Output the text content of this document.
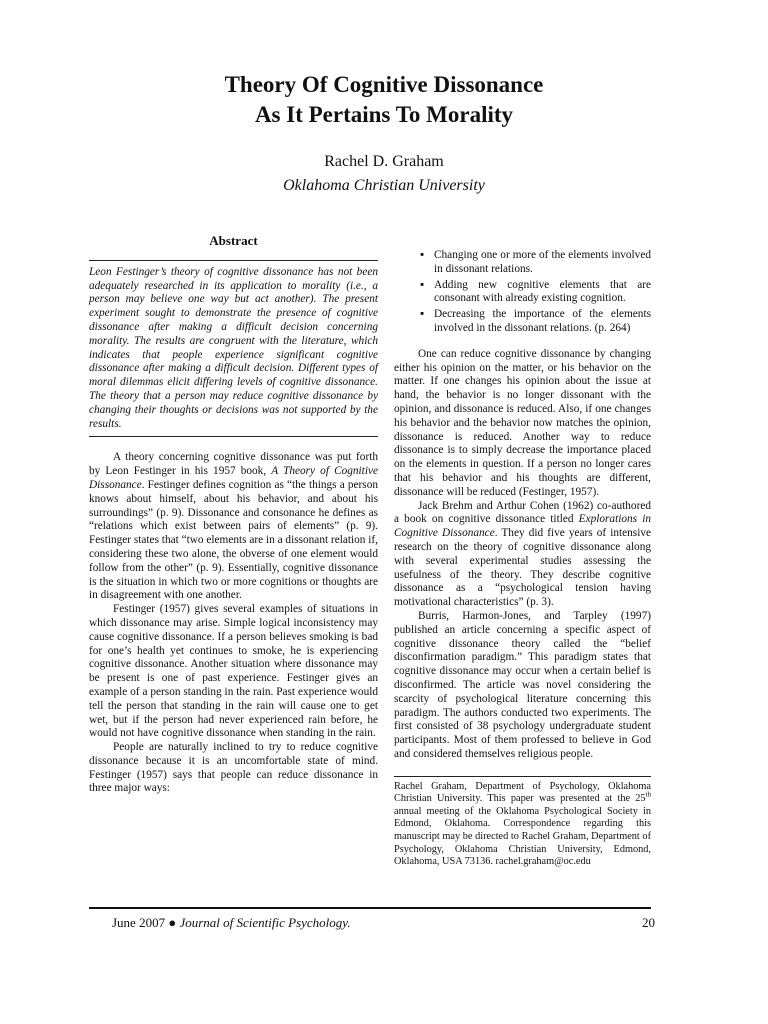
Theory Of Cognitive Dissonance
As It Pertains To Morality
Rachel D. Graham
Oklahoma Christian University
Abstract
Leon Festinger’s theory of cognitive dissonance has not been adequately researched in its application to morality (i.e., a person may believe one way but act another). The present experiment sought to demonstrate the presence of cognitive dissonance after making a difficult decision concerning morality. The results are congruent with the literature, which indicates that people experience significant cognitive dissonance after making a difficult decision. Different types of moral dilemmas elicit differing levels of cognitive dissonance. The theory that a person may reduce cognitive dissonance by changing their thoughts or decisions was not supported by the results.

A theory concerning cognitive dissonance was put forth by Leon Festinger in his 1957 book, A Theory of Cognitive Dissonance. Festinger defines cognition as “the things a person knows about himself, about his behavior, and about his surroundings” (p. 9). Dissonance and consonance he defines as “relations which exist between pairs of elements” (p. 9). Festinger states that “two elements are in a dissonant relation if, considering these two alone, the obverse of one element would follow from the other” (p. 9). Essentially, cognitive dissonance is the situation in which two or more cognitions or thoughts are in disagreement with one another.

Festinger (1957) gives several examples of situations in which dissonance may arise. Simple logical inconsistency may cause cognitive dissonance. If a person believes smoking is bad for one’s health yet continues to smoke, he is experiencing cognitive dissonance. Another situation where dissonance may be present is one of past experience. Festinger gives an example of a person standing in the rain. Past experience would tell the person that standing in the rain will cause one to get wet, but if the person had never experienced rain before, he would not have cognitive dissonance when standing in the rain.

People are naturally inclined to try to reduce cognitive dissonance because it is an uncomfortable state of mind. Festinger (1957) says that people can reduce dissonance in three major ways:

▪ Changing one or more of the elements involved in dissonant relations.
▪ Adding new cognitive elements that are consonant with already existing cognition.
▪ Decreasing the importance of the elements involved in the dissonant relations. (p. 264)

One can reduce cognitive dissonance by changing either his opinion on the matter, or his behavior on the matter. If one changes his opinion about the issue at hand, the behavior is no longer dissonant with the opinion, and dissonance is reduced. Also, if one changes his behavior and the behavior now matches the opinion, dissonance is reduced. Another way to reduce dissonance is to simply decrease the importance placed on the elements in question. If a person no longer cares that his behavior and his thoughts are different, dissonance will be reduced (Festinger, 1957).

Jack Brehm and Arthur Cohen (1962) co-authored a book on cognitive dissonance titled Explorations in Cognitive Dissonance. They did five years of intensive research on the theory of cognitive dissonance along with several experimental studies assessing the usefulness of the theory. They describe cognitive dissonance as a “psychological tension having motivational characteristics” (p. 3).

Burris, Harmon-Jones, and Tarpley (1997) published an article concerning a specific aspect of cognitive dissonance theory called the “belief disconfirmation paradigm.” This paradigm states that cognitive dissonance may occur when a certain belief is disconfirmed. The article was novel considering the scarcity of psychological literature concerning this paradigm. The authors conducted two experiments. The first consisted of 38 psychology undergraduate student participants. Most of them professed to believe in God and considered themselves religious people.

Rachel Graham, Department of Psychology, Oklahoma Christian University. This paper was presented at the 25th annual meeting of the Oklahoma Psychological Society in Edmond, Oklahoma. Correspondence regarding this manuscript may be directed to Rachel Graham, Department of Psychology, Oklahoma Christian University, Edmond, Oklahoma, USA 73136. rachel.graham@oc.edu
June 2007 ● Journal of Scientific Psychology.	20
